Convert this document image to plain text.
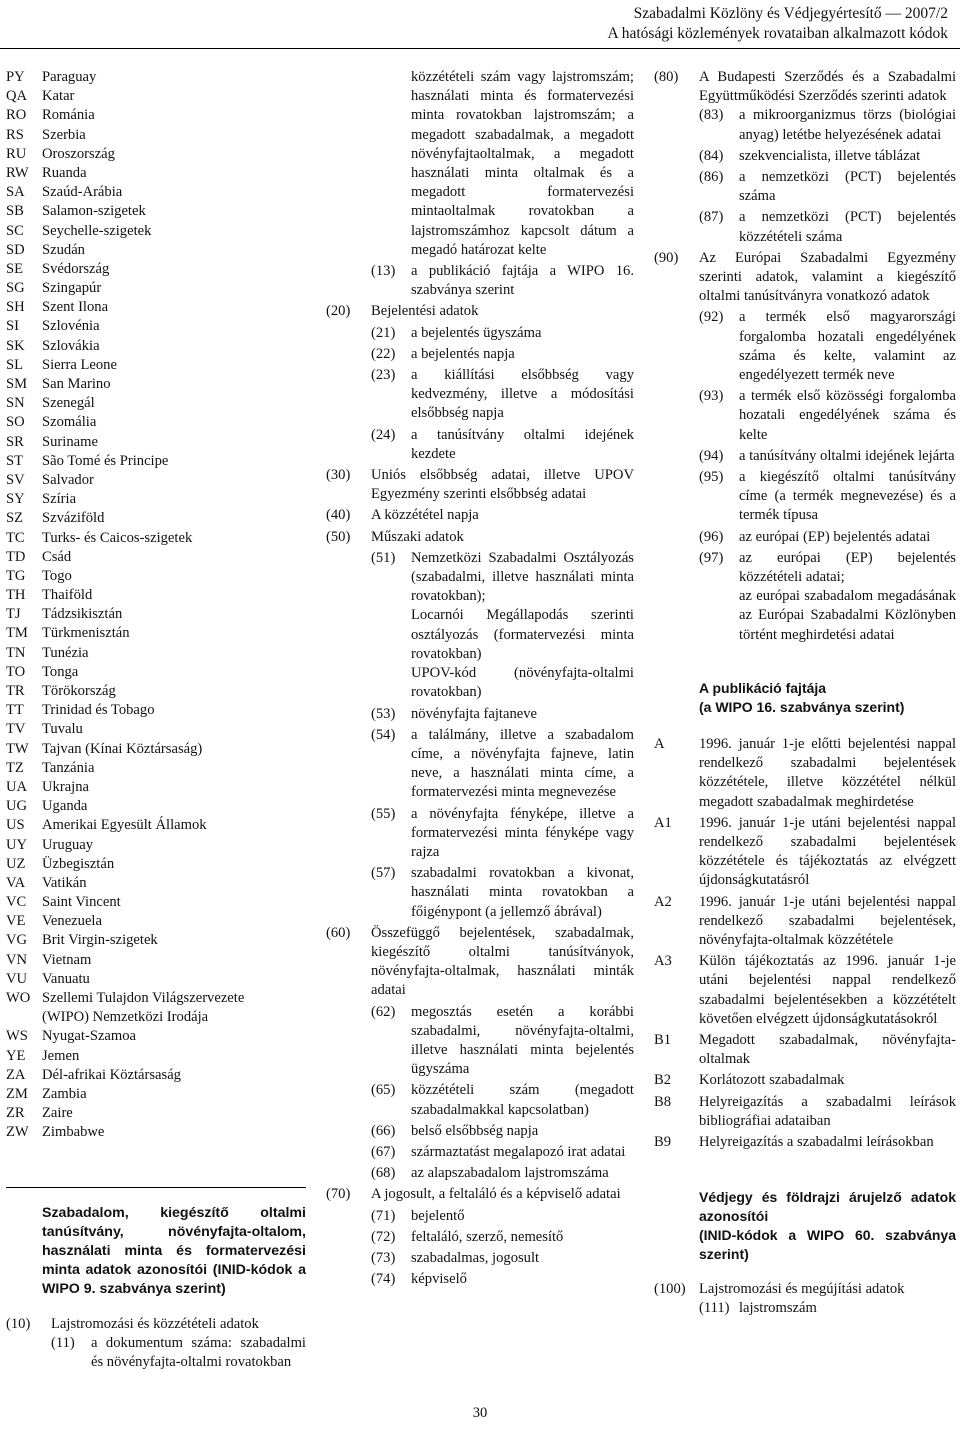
Szabadalmi Közlöny és Védjegyértesítő — 2007/2
A hatósági közlemények rovataiban alkalmazott kódok
PY	Paraguay
QA	Katar
RO	Románia
RS	Szerbia
RU	Oroszország
RW Ruanda
SA	Szaúd-Arábia
SB	Salamon-szigetek
SC	Seychelle-szigetek
SD	Szudán
SE	Svédország
SG	Szingapúr
SH	Szent Ilona
SI	Szlovénia
SK	Szlovákia
SL	Sierra Leone
SM	San Marino
SN	Szenegál
SO	Szomália
SR	Suriname
ST	São Tomé és Principe
SV	Salvador
SY	Szíria
SZ	Szváziföld
TC	Turks- és Caicos-szigetek
TD	Csád
TG	Togo
TH	Thaiföld
TJ	Tádzsikisztán
TM Türkmenisztán
TN	Tunézia
TO	Tonga
TR	Törökország
TT	Trinidad és Tobago
TV	Tuvalu
TW Tajvan (Kínai Köztársaság)
TZ	Tanzánia
UA	Ukrajna
UG	Uganda
US	Amerikai Egyesült Államok
UY	Uruguay
UZ	Üzbegisztán
VA	Vatikán
VC	Saint Vincent
VE	Venezuela
VG	Brit Virgin-szigetek
VN	Vietnam
VU	Vanuatu
WO Szellemi Tulajdon Világszervezete
(WIPO) Nemzetközi Irodája
WS Nyugat-Szamoa
YE	Jemen
ZA	Dél-afrikai Köztársaság
ZM Zambia
ZR	Zaire
ZW Zimbabwe
Szabadalom, kiegészítő oltalmi tanúsítvány, növényfajta-oltalom, használati minta és formatervezési minta adatok azonosítói (INID-kódok a WIPO 9. szabványa szerint)
(10)	Lajstromozási és közzétételi adatok
(11)	a dokumentum száma: szabadalmi és növényfajta-oltalmi rovatokban
közzétételi szám vagy lajstromszám; használati minta és formatervezési minta rovatokban lajstromszám; a megadott szabadalmak, a megadott növényfajtaoltalmak, a megadott használati minta oltalmak és a megadott formatervezési mintaoltalmak rovatokban a lajstromszámhoz kapcsolt dátum a megadó határozat kelte
(13)	a publikáció fajtája a WIPO 16. szabványa szerint
(20)	Bejelentési adatok
(21)	a bejelentés ügyszáma
(22)	a bejelentés napja
(23)	a kiállítási elsőbbség vagy kedvezmény, illetve a módosítási elsőbbség napja
(24)	a tanúsítvány oltalmi idejének kezdete
(30)	Uniós elsőbbség adatai, illetve UPOV Egyezmény szerinti elsőbbség adatai
(40)	A közzététel napja
(50)	Műszaki adatok
(51)	Nemzetközi Szabadalmi Osztályozás (szabadalmi, illetve használati minta rovatokban);
Locarnói Megállapodás szerinti osztályozás (formatervezési minta rovatokban)
UPOV-kód (növényfajta-oltalmi rovatokban)
(53)	növényfajta fajtaneve
(54)	a találmány, illetve a szabadalom címe, a növényfajta fajneve, latin neve, a használati minta címe, a formatervezési minta megnevezése
(55)	a növényfajta fényképe, illetve a formatervezési minta fényképe vagy rajza
(57)	szabadalmi rovatokban a kivonat, használati minta rovatokban a főigénypont (a jellemző ábrával)
(60)	Összefüggő bejelentések, szabadalmak, kiegészítő oltalmi tanúsítványok, növényfajta-oltalmak, használati minták adatai
(62)	megosztás esetén a korábbi szabadalmi, növényfajta-oltalmi, illetve használati minta bejelentés ügyszáma
(65)	közzétételi szám (megadott szabadalmakkal kapcsolatban)
(66)	belső elsőbbség napja
(67)	származtatást megalapozó irat adatai
(68)	az alapszabadalom lajstromszáma
(70)	A jogosult, a feltaláló és a képviselő adatai
(71)	bejelentő
(72)	feltaláló, szerző, nemesítő
(73)	szabadalmas, jogosult
(74)	képviselő
(80)	A Budapesti Szerződés és a Szabadalmi Együttműködési Szerződés szerinti adatok
(83)	a mikroorganizmus törzs (biológiai anyag) letétbe helyezésének adatai
(84)	szekvencialista, illetve táblázat
(86)	a nemzetközi (PCT) bejelentés száma
(87)	a nemzetközi (PCT) bejelentés közzétételi száma
(90)	Az Európai Szabadalmi Egyezmény szerinti adatok, valamint a kiegészítő oltalmi tanúsítványra vonatkozó adatok
(92)	a termék első magyarországi forgalomba hozatali engedélyének száma és kelte, valamint az engedélyezett termék neve
(93)	a termék első közösségi forgalomba hozatali engedélyének száma és kelte
(94)	a tanúsítvány oltalmi idejének lejárta
(95)	a kiegészítő oltalmi tanúsítvány címe (a termék megnevezése) és a termék típusa
(96)	az európai (EP) bejelentés adatai
(97)	az európai (EP) bejelentés közzétételi adatai;
az európai szabadalom megadásának az Európai Szabadalmi Közlönyben történt meghirdetési adatai
A publikáció fajtája
(a WIPO 16. szabványa szerint)
A	1996. január 1-je előtti bejelentési nappal rendelkező szabadalmi bejelentések közzététele, illetve közzététel nélkül megadott szabadalmak meghirdetése
A1	1996. január 1-je utáni bejelentési nappal rendelkező szabadalmi bejelentések közzététele és tájékoztatás az elvégzett újdonságkutatásról
A2	1996. január 1-je utáni bejelentési nappal rendelkező szabadalmi bejelentések, növényfajta-oltalmak közzététele
A3	Külön tájékoztatás az 1996. január 1-je utáni bejelentési nappal rendelkező szabadalmi bejelentésekben a közzétételt követően elvégzett újdonságkutatásokról
B1	Megadott szabadalmak, növényfajta-oltalmak
B2	Korlátozott szabadalmak
B8	Helyreigazítás a szabadalmi leírások bibliográfiai adataiban
B9	Helyreigazítás a szabadalmi leírásokban
Védjegy és földrajzi árujelző adatok azonosítói
(INID-kódok a WIPO 60. szabványa szerint)
(100) Lajstromozási és megújítási adatok
(111) lajstromszám
30
